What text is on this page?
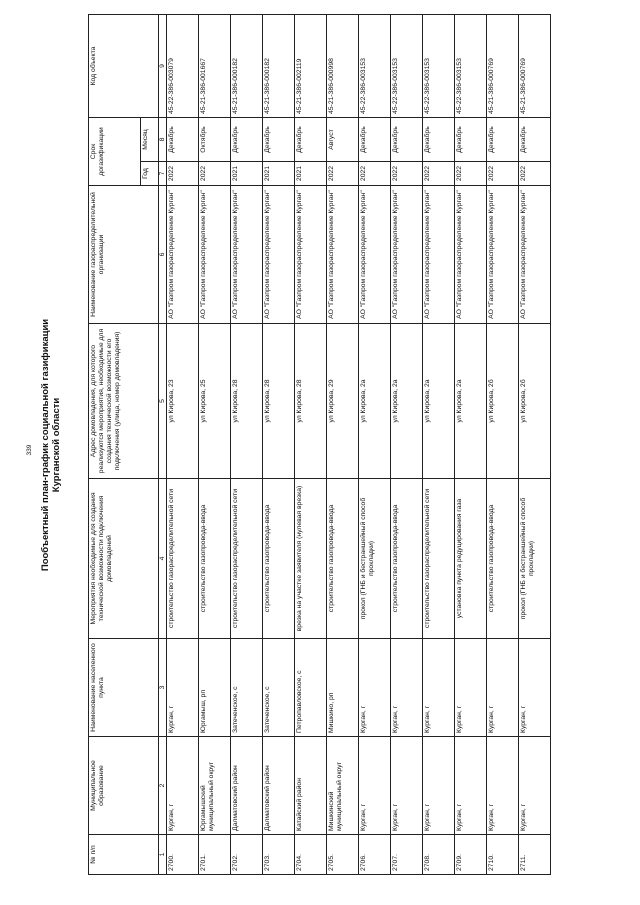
339 Пообъектный план-график социальной газификации Курганской области
№ п/п	Муниципальное образование	Наименование населенного пункта	Мероприятия необходимые для создания технической возможности подключения домовладений	Адрес домовладения, для которого реализуются мероприятия, необходимые для создания технической возможности его подключения (улица, номер домовладения)	Наименование газораспределительной организации	Срок догазификации		Код объекта
						Год	Месяц	
1	2	3	4	5	6	7	8	9
2700.	Курган, г	Курган, г	строительство газораспределительной сети	ул Кирова, 23	АО "Газпром газораспределение Курган"	2022	Декабрь	45-22-386-003079
2701.	Юргамышский муниципальный округ	Юргамыш, рп	строительство газопровода-ввода	ул Кирова, 25	АО "Газпром газораспределение Курган"	2022	Октябрь	45-21-386-001667
2702.	Далматовский район	Затеченское, с	строительство газораспределительной сети	ул Кирова, 28	АО "Газпром газораспределение Курган"	2021	Декабрь	45-21-386-000182
2703.	Далматовский район	Затеченское, с	строительство газопровода-ввода	ул Кирова, 28	АО "Газпром газораспределение Курган"	2021	Декабрь	45-21-386-000182
2704.	Катайский район	Петропавловское, с	врезка на участке заявителя (нулевая врезка)	ул Кирова, 28	АО "Газпром газораспределение Курган"	2021	Декабрь	45-21-386-002119
2705.	Мишкинский муниципальный округ	Мишкино, рп	строительство газопровода-ввода	ул Кирова, 29	АО "Газпром газораспределение Курган"	2022	Август	45-21-386-000998
2706.	Курган, г	Курган, г	прокол (ГНБ и бестраншейный способ прокладки)	ул Кирова, 2а	АО "Газпром газораспределение Курган"	2022	Декабрь	45-22-386-003153
2707.	Курган, г	Курган, г	строительство газопровода-ввода	ул Кирова, 2а	АО "Газпром газораспределение Курган"	2022	Декабрь	45-22-386-003153
2708.	Курган, г	Курган, г	строительство газораспределительной сети	ул Кирова, 2а	АО "Газпром газораспределение Курган"	2022	Декабрь	45-22-386-003153
2709.	Курган, г	Курган, г	установка пункта редуцирования газа	ул Кирова, 2а	АО "Газпром газораспределение Курган"	2022	Декабрь	45-22-386-003153
2710.	Курган, г	Курган, г	строительство газопровода-ввода	ул Кирова, 2б	АО "Газпром газораспределение Курган"	2022	Декабрь	45-21-386-000769
2711.	Курган, г	Курган, г	прокол (ГНБ и бестраншейный способ прокладки)	ул Кирова, 2б	АО "Газпром газораспределение Курган"	2022	Декабрь	45-21-386-000769
